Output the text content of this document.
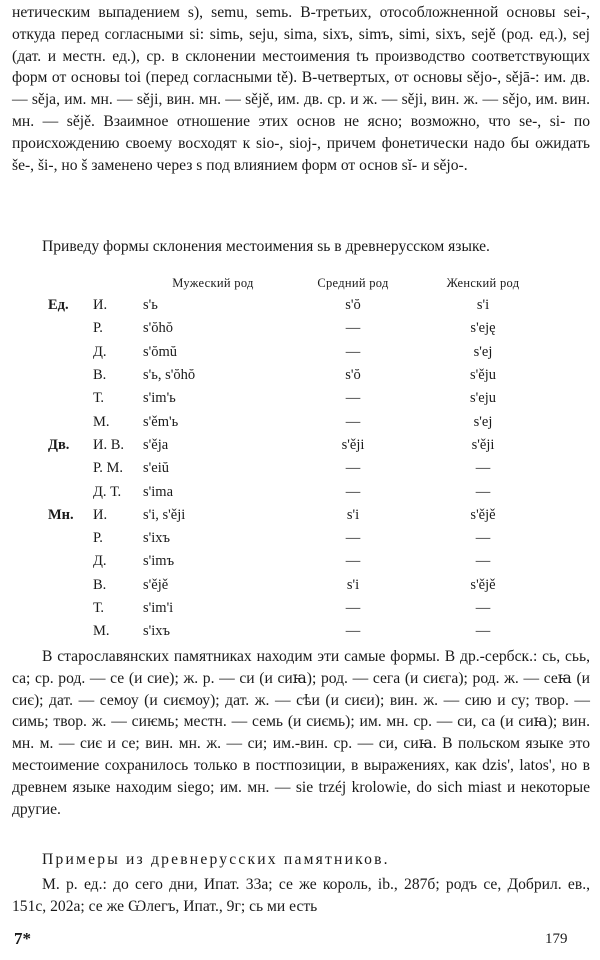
нетическим выпадением s), semu, semь. В-третьих, отособложненной основы sei-, откуда перед согласными si: simь, seju, sima, sixъ, simъ, simi, sixъ, sejě (род. ед.), sej (дат. и местн. ед.), ср. в склонении местоимения tъ производство соответствующих форм от основы toi (перед согласными tě). В-четвертых, от основы sějo-, sějā-: им. дв. — sěja, им. мн. — sěji, вин. мн. — sějě, им. дв. ср. и ж. — sěji, вин. ж. — sějo, им. вин. мн. — sějě. Взаимное отношение этих основ не ясно; возможно, что se-, si- по происхождению своему восходят к sio-, sioj-, причем фонетически надо бы ожидать še-, ši-, но š заменено через s под влиянием форм от основ sĭ- и sějo-.

Приведу формы склонения местоимения sь в древнерусском языке.

		Мужеский род	Средний род	Женский род
Ед.	И.	s'ь	s'ŏ	s'i
	Р.	s'ŏhŏ	—	s'eję
	Д.	s'ŏmŭ	—	s'ej
	В.	s'ь, s'ŏhŏ	s'ŏ	s'ěju
	Т.	s'im'ь	—	s'eju
	М.	s'ěm'ь	—	s'ej
Дв.	И. В.	s'ěja	s'ěji	s'ěji
	Р. М.	s'eiŭ	—	—
	Д. Т.	s'ima	—	—
Мн.	И.	s'i, s'ěji	s'i	s'ějě
	Р.	s'ixъ	—	—
	Д.	s'imъ	—	—
	В.	s'ějě	s'i	s'ějě
	Т.	s'im'i	—	—
	М.	s'ixъ	—	—

В старославянских памятниках находим эти самые формы. В др.-сербск.: сь, сьь, са; ср. род. — се (и сие); ж. р. — си (и сиꙗ); род. — сега (и сиєга); род. ж. — сеꙗ (и сиє); дат. — семоу (и сиємоу); дат. ж. — сѣи (и сиєи); вин. ж. — сию и су; твор. — симь; твор. ж. — сиѥмь; местн. — семь (и сиємь); им. мн. ср. — си, са (и сиꙗ); вин. мн. м. — сиє и се; вин. мн. ж. — си; им.-вин. ср. — си, сиꙗ. В польском языке это местоимение сохранилось только в постпозиции, в выражениях, как dzis', latos', но в древнем языке находим siego; им. мн. — sie trzéj krolowie, do sich miast и некоторые другие.

Примеры из древнерусских памятников.

М. р. ед.: до сего дни, Ипат. 33а; се же король, ib., 287б; родъ се, Добрил. ев., 151с, 202а; се же Ѡлегъ, Ипат., 9г; сь ми есть

7*	179
